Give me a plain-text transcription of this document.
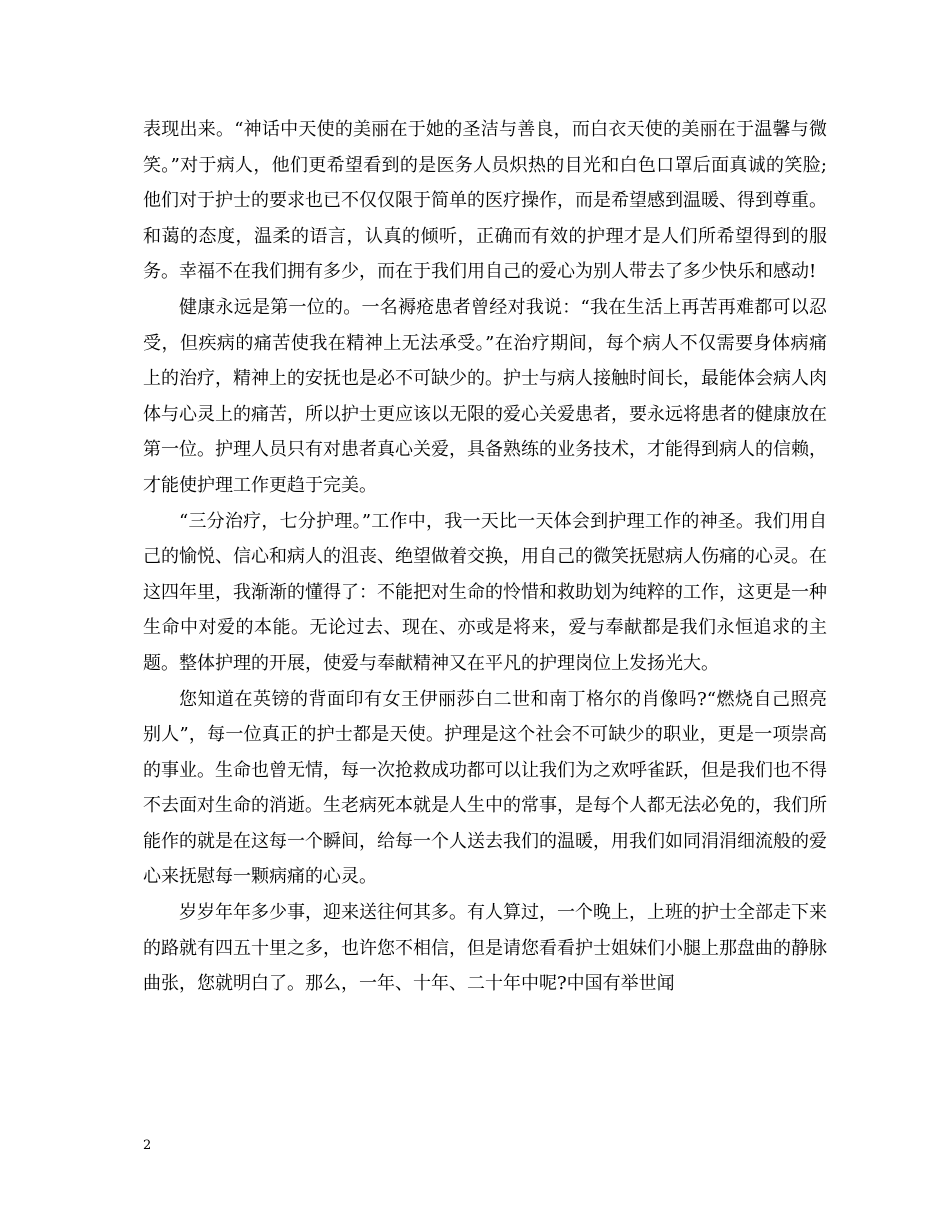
表现出来。“神话中天使的美丽在于她的圣洁与善良，而白衣天使的美丽在于温馨与微笑。”对于病人，他们更希望看到的是医务人员炽热的目光和白色口罩后面真诚的笑脸;他们对于护士的要求也已不仅仅限于简单的医疗操作，而是希望感到温暖、得到尊重。和蔼的态度，温柔的语言，认真的倾听，正确而有效的护理才是人们所希望得到的服务。幸福不在我们拥有多少，而在于我们用自己的爱心为别人带去了多少快乐和感动!

健康永远是第一位的。一名褥疮患者曾经对我说：“我在生活上再苦再难都可以忍受，但疾病的痛苦使我在精神上无法承受。”在治疗期间，每个病人不仅需要身体病痛上的治疗，精神上的安抚也是必不可缺少的。护士与病人接触时间长，最能体会病人肉体与心灵上的痛苦，所以护士更应该以无限的爱心关爱患者，要永远将患者的健康放在第一位。护理人员只有对患者真心关爱，具备熟练的业务技术，才能得到病人的信赖，才能使护理工作更趋于完美。

“三分治疗，七分护理。”工作中，我一天比一天体会到护理工作的神圣。我们用自己的愉悦、信心和病人的沮丧、绝望做着交换，用自己的微笑抚慰病人伤痛的心灵。在这四年里，我渐渐的懂得了：不能把对生命的怜惜和救助划为纯粹的工作，这更是一种生命中对爱的本能。无论过去、现在、亦或是将来，爱与奉献都是我们永恒追求的主题。整体护理的开展，使爱与奉献精神又在平凡的护理岗位上发扬光大。

您知道在英镑的背面印有女王伊丽莎白二世和南丁格尔的肖像吗?“燃烧自己照亮别人”，每一位真正的护士都是天使。护理是这个社会不可缺少的职业，更是一项崇高的事业。生命也曾无情，每一次抢救成功都可以让我们为之欢呼雀跃，但是我们也不得不去面对生命的消逝。生老病死本就是人生中的常事，是每个人都无法必免的，我们所能作的就是在这每一个瞬间，给每一个人送去我们的温暖，用我们如同涓涓细流般的爱心来抚慰每一颗病痛的心灵。

岁岁年年多少事，迎来送往何其多。有人算过，一个晚上，上班的护士全部走下来的路就有四五十里之多，也许您不相信，但是请您看看护士姐妹们小腿上那盘曲的静脉曲张，您就明白了。那么，一年、十年、二十年中呢?中国有举世闻

2
